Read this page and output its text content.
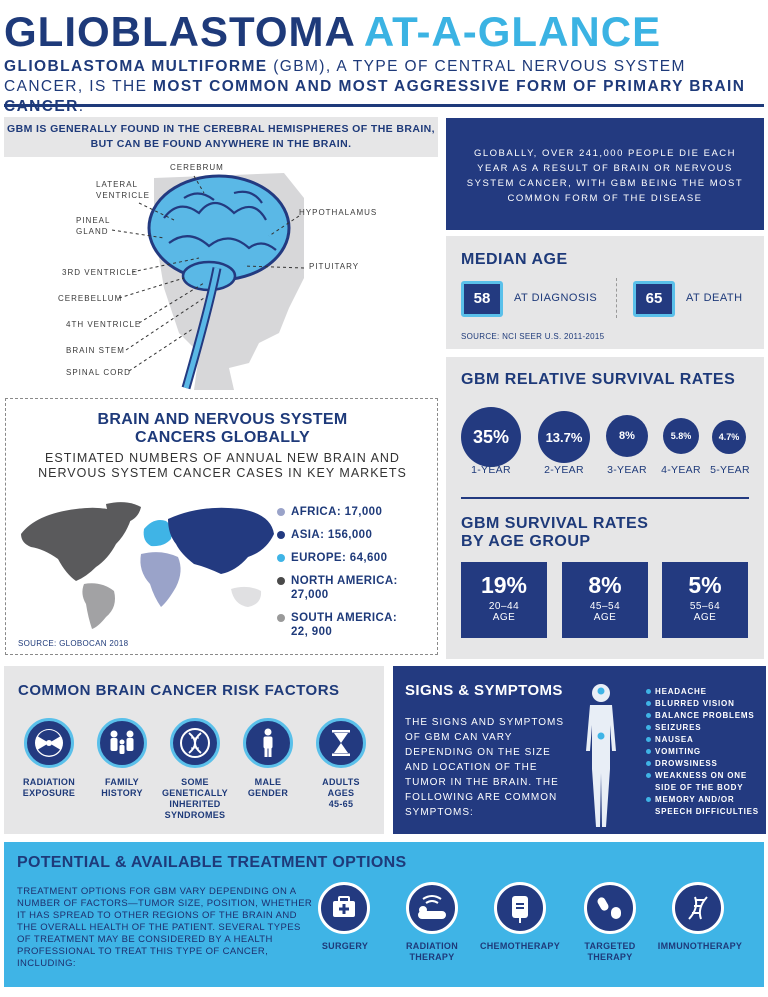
GLIOBLASTOMA AT-A-GLANCE
GLIOBLASTOMA MULTIFORME (GBM), A TYPE OF CENTRAL NERVOUS SYSTEM CANCER, IS THE MOST COMMON AND MOST AGGRESSIVE FORM OF PRIMARY BRAIN
GBM IS GENERALLY FOUND IN THE CEREBRAL HEMISPHERES OF THE BRAIN, BUT CAN BE FOUND ANYWHERE IN THE BRAIN.
CEREBRUM
LATERAL
VENTRICLE
PINEAL
GLAND
HYPOTHALAMUS
3RD VENTRICLE
PITUITARY
CEREBELLUM
4TH VENTRICLE
BRAIN STEM
SPINAL CORD
GLOBALLY, OVER 241,000 PEOPLE DIE EACH YEAR AS A RESULT OF BRAIN OR NERVOUS SYSTEM CANCER, WITH GBM BEING THE MOST COMMON FORM OF THE DISEASE
MEDIAN AGE
58	AT DIAGNOSIS	65	AT DEATH
SOURCE: NCI SEER U.S. 2011-2015
GBM RELATIVE SURVIVAL RATES
35%	13.7%	8%	5.8%	4.7%
1-YEAR	2-YEAR	3-YEAR	4-YEAR 5-YEAR
GBM SURVIVAL RATES
BY AGE GROUP
19%
20–44
AGE
8%
45–54
AGE
5%
55–64
AGE
BRAIN AND NERVOUS SYSTEM
CANCERS GLOBALLY
ESTIMATED NUMBERS OF ANNUAL NEW BRAIN AND NERVOUS SYSTEM CANCER CASES IN KEY MARKETS
AFRICA: 17,000
ASIA: 156,000
EUROPE: 64,600
NORTH AMERICA:
27,000
SOUTH AMERICA:
22, 900
SOURCE: GLOBOCAN 2018
COMMON BRAIN CANCER RISK FACTORS
RADIATION
EXPOSURE
FAMILY
HISTORY
SOME
GENETICALLY
INHERITED
SYNDROMES
MALE
GENDER
ADULTS
AGES
45-65
SIGNS & SYMPTOMS
THE SIGNS AND SYMPTOMS OF GBM CAN VARY DEPENDING ON THE SIZE AND LOCATION OF THE TUMOR IN THE BRAIN. THE FOLLOWING ARE COMMON SYMPTOMS:
HEADACHE
BLURRED VISION
BALANCE PROBLEMS
SEIZURES
NAUSEA
VOMITING
DROWSINESS
WEAKNESS ON ONE SIDE OF THE BODY
MEMORY AND/OR SPEECH DIFFICULTIES
POTENTIAL & AVAILABLE TREATMENT OPTIONS
TREATMENT OPTIONS FOR GBM VARY DEPENDING ON A NUMBER OF FACTORS—TUMOR SIZE, POSITION, WHETHER IT HAS SPREAD TO OTHER REGIONS OF THE BRAIN AND THE OVERALL HEALTH OF THE PATIENT. SEVERAL TYPES OF TREATMENT MAY BE CONSIDERED BY A HEALTH PROFESSIONAL TO TREAT THIS TYPE OF CANCER, INCLUDING:
SURGERY	RADIATION
THERAPY
CHEMOTHERAPY	TARGETED
THERAPY
IMMUNOTHERAPY
